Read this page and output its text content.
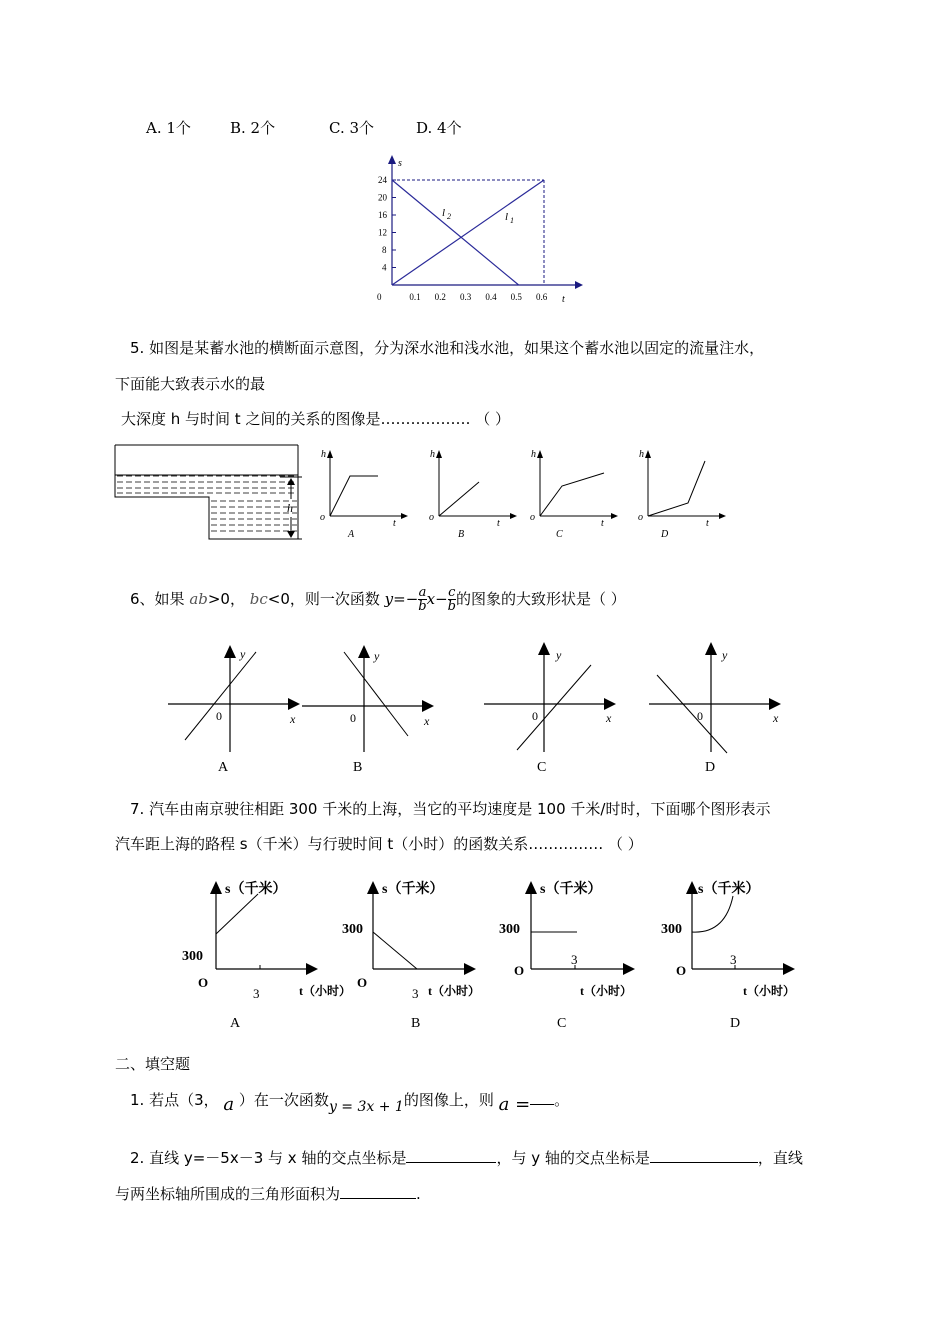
A. 1个	B. 2个	C. 3个	D. 4个
s
t
24
20
16
12
8
4
0	0.1 0.2 0.3 0.4 0.5 0.6
l 2	l 1
5. 如图是某蓄水池的横断面示意图，分为深水池和浅水池，如果这个蓄水池以固定的流量注水，
下面能大致表示水的最
大深度 h 与时间 t 之间的关系的图像是……………… （ ）
h
h
o
t
A
h
o
t
B
h
o
t
C
h
o
t
D
6、如果 ab>0， bc<0，则一次函数 $y=- \frac{a}{b} x- \frac{c}{b}$ 的图象的大致形状是（ ）
y
x
0
A
y
x
0
B
y
x
0
C
y
x
0
D
7. 汽车由南京驶往相距 300 千米的上海，当它的平均速度是 100 千米/时时，下面哪个图形表示
汽车距上海的路程 s（千米）与行驶时间 t（小时）的函数关系…………… （ ）
s（千米）
300
O
3	t（小时）
A
s（千米）
300
O
3 t（小时）
B
s（千米）
300
O
3
t（小时）
C
s（千米）
300
O
3
t（小时）
D
二、填空题
1. 若点（3， a ）在一次函数y = 3x + 1的图像上，则 a = 。
2. 直线 y=－5x－3 与 x 轴的交点坐标是	，与 y 轴的交点坐标是	，直线
与两坐标轴所围成的三角形面积为	.
